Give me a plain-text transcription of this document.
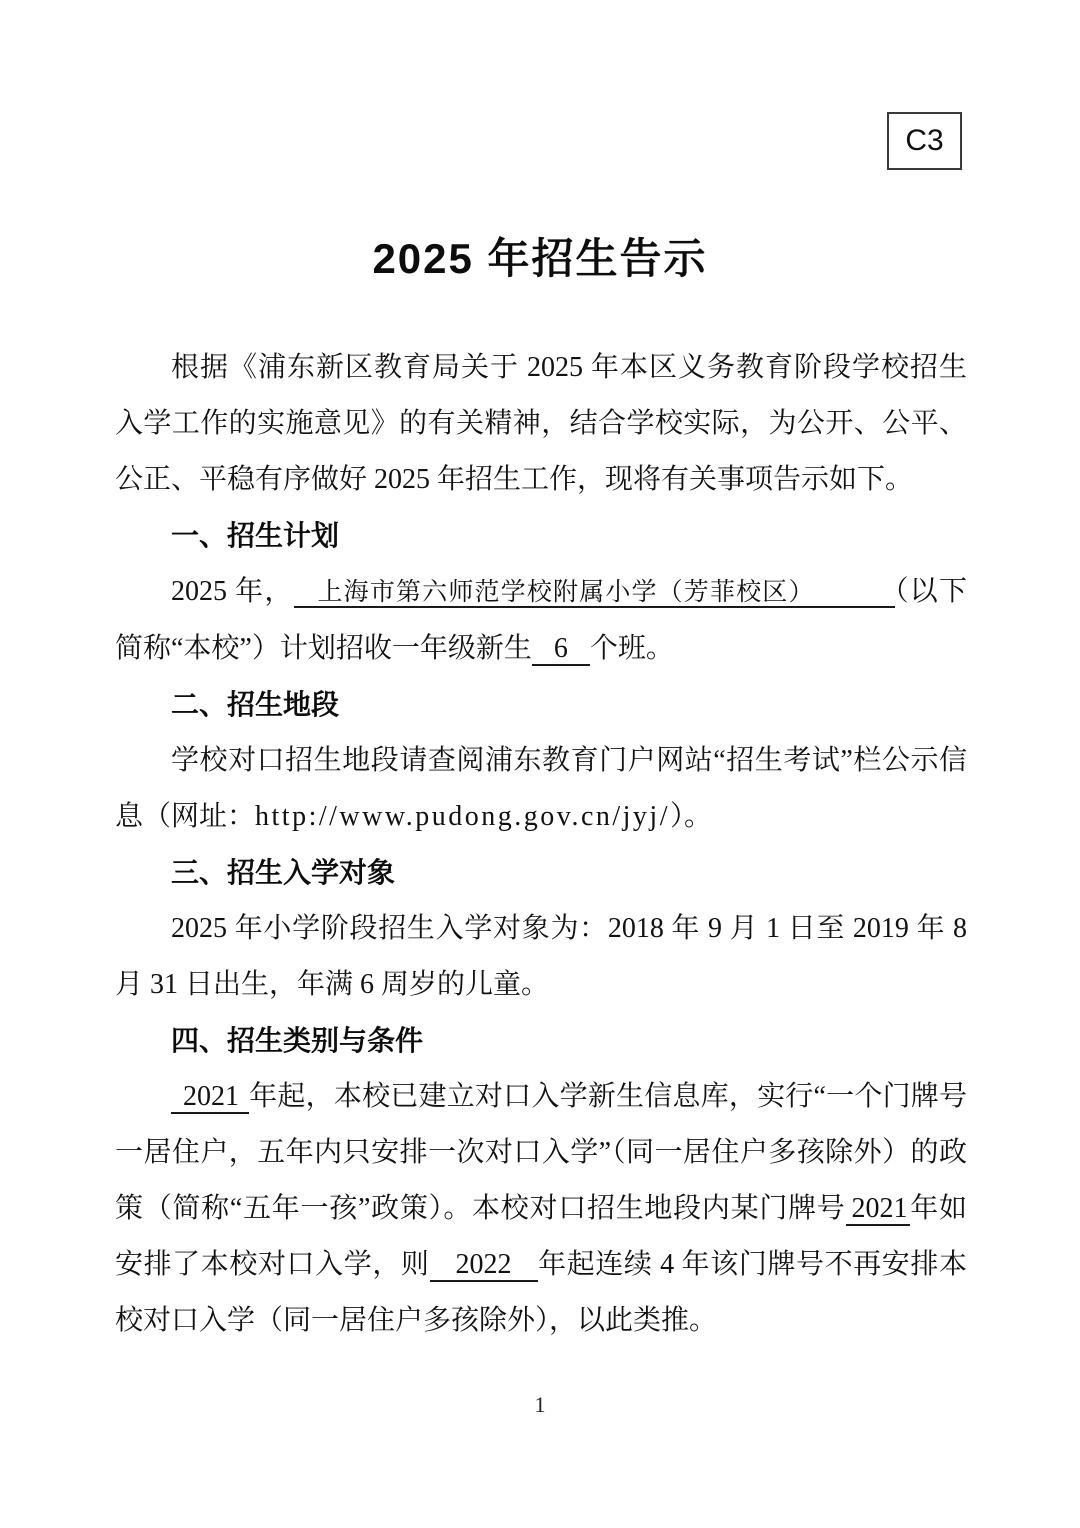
C3
2025 年招生告示

根据《浦东新区教育局关于 2025 年本区义务教育阶段学校招生入学工作的实施意见》的有关精神，结合学校实际，为公开、公平、公正、平稳有序做好 2025 年招生工作，现将有关事项告示如下。

一、招生计划

2025 年， 上海市第六师范学校附属小学（芳菲校区）	（以下简称“本校”）计划招收一年级新生 6 个班。

二、招生地段

学校对口招生地段请查阅浦东教育门户网站“招生考试”栏公示信息（网址：http://www.pudong.gov.cn/jyj/）。

三、招生入学对象

2025 年小学阶段招生入学对象为：2018 年 9 月 1 日至 2019 年 8 月 31 日出生，年满 6 周岁的儿童。

四、招生类别与条件

2021 年起，本校已建立对口入学新生信息库，实行“一个门牌号一居住户，五年内只安排一次对口入学”（同一居住户多孩除外）的政策（简称“五年一孩”政策）。本校对口招生地段内某门牌号 2021年如安排了本校对口入学，则 2022 年起连续 4 年该门牌号不再安排本校对口入学（同一居住户多孩除外），以此类推。

1
